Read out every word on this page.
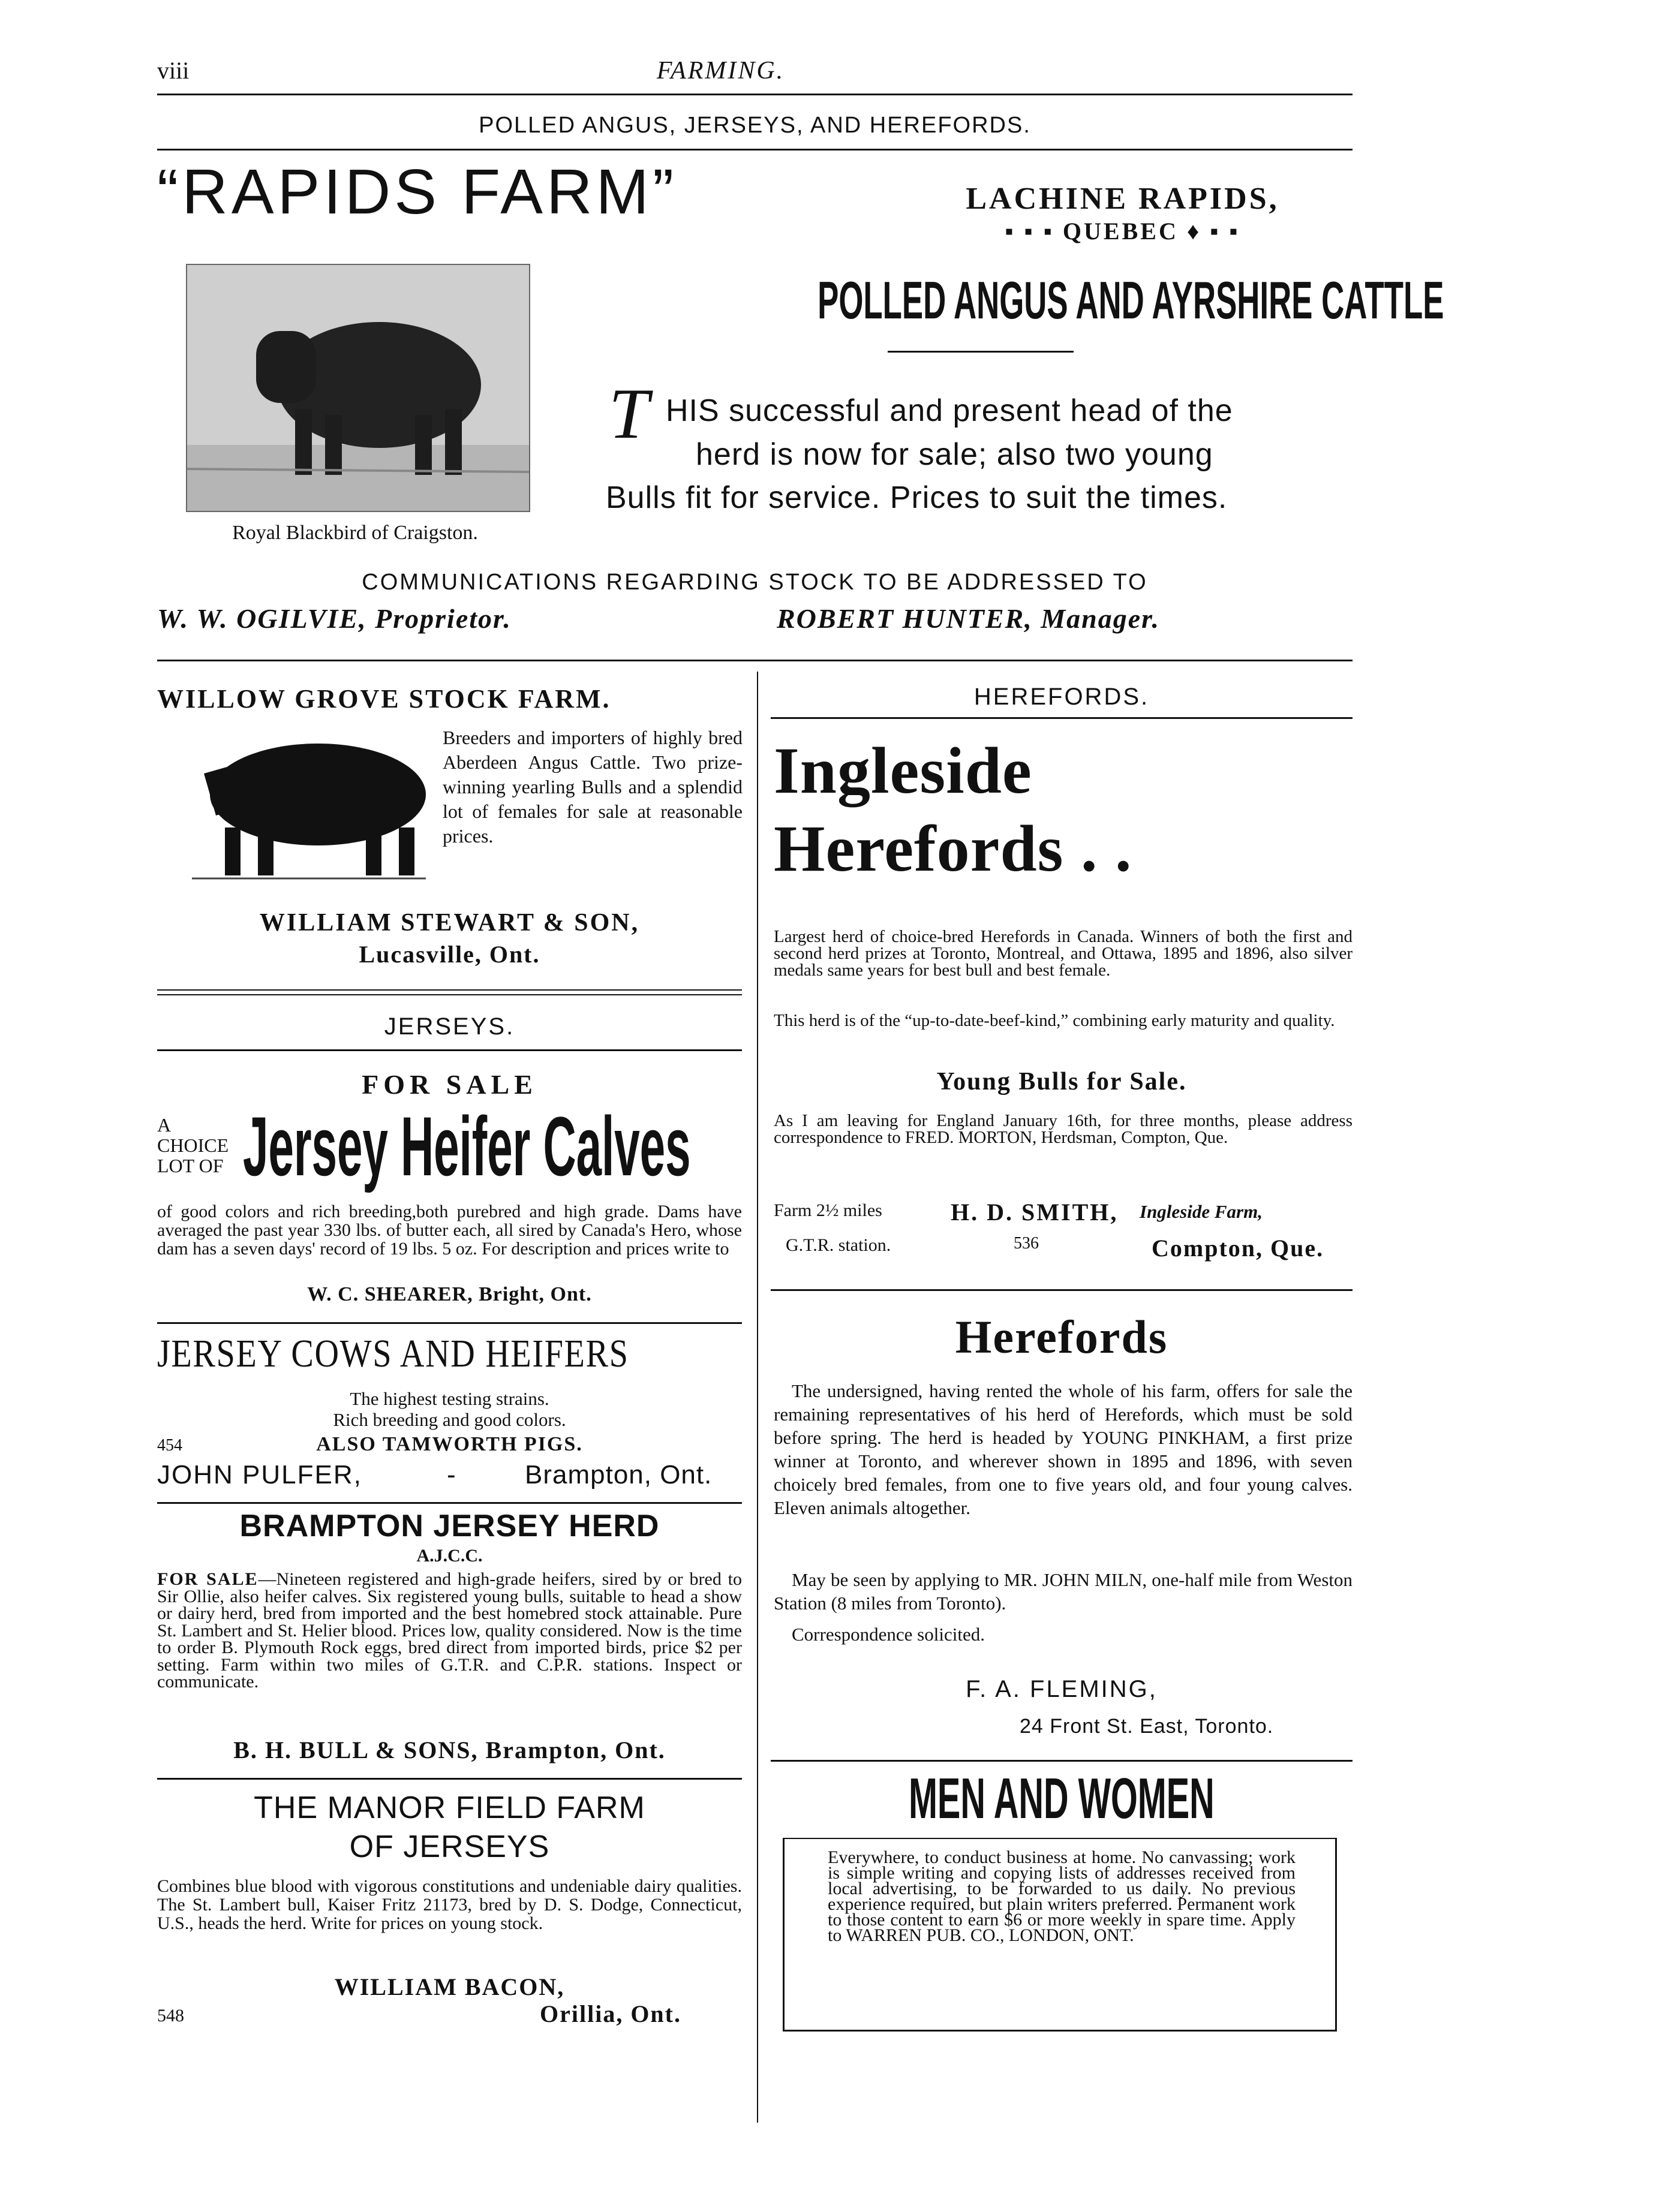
viii	FARMING.
POLLED ANGUS, JERSEYS, AND HEREFORDS.
“RAPIDS FARM”	LACHINE RAPIDS,
▪ ▪ ▪ QUEBEC ♦ ▪ ▪
Royal Blackbird of Craigston.
POLLED ANGUS AND AYRSHIRE CATTLE
T HIS successful and present head of the
herd is now for sale; also two young
Bulls fit for service. Prices to suit the times.
COMMUNICATIONS REGARDING STOCK TO BE ADDRESSED TO
W. W. OGILVIE, Proprietor.	ROBERT HUNTER, Manager.
WILLOW GROVE STOCK FARM.
Breeders and importers of highly bred Aberdeen Angus Cattle. Two prize-winning yearling Bulls and a splendid lot of females for sale at reasonable prices.
WILLIAM STEWART & SON,
Lucasville, Ont.
JERSEYS.
FOR SALE
A
CHOICE
LOT OF Jersey Heifer Calves
of good colors and rich breeding,both purebred and high grade. Dams have averaged the past year 330 lbs. of butter each, all sired by Canada's Hero, whose dam has a seven days' record of 19 lbs. 5 oz. For description and prices write to
W. C. SHEARER, Bright, Ont.
JERSEY COWS AND HEIFERS
The highest testing strains.
Rich breeding and good colors.
454	ALSO TAMWORTH PIGS.
JOHN PULFER,	-	Brampton, Ont.
BRAMPTON JERSEY HERD
A.J.C.C.
FOR SALE—Nineteen registered and high-grade heifers, sired by or bred to Sir Ollie, also heifer calves. Six registered young bulls, suitable to head a show or dairy herd, bred from imported and the best homebred stock attainable. Pure St. Lambert and St. Helier blood. Prices low, quality considered. Now is the time to order B. Plymouth Rock eggs, bred direct from imported birds, price $2 per setting. Farm within two miles of G.T.R. and C.P.R. stations. Inspect or communicate.
B. H. BULL & SONS, Brampton, Ont.
THE MANOR FIELD FARM
OF JERSEYS
Combines blue blood with vigorous constitutions and undeniable dairy qualities. The St. Lambert bull, Kaiser Fritz 21173, bred by D. S. Dodge, Connecticut, U.S., heads the herd. Write for prices on young stock.
WILLIAM BACON,
548	Orillia, Ont.
HEREFORDS.
Ingleside
Herefords . .
Largest herd of choice-bred Herefords in Canada. Winners of both the first and second herd prizes at Toronto, Montreal, and Ottawa, 1895 and 1896, also silver medals same years for best bull and best female.
This herd is of the “up-to-date-beef-kind,” combining early maturity and quality.
Young Bulls for Sale.
As I am leaving for England January 16th, for three months, please address correspondence to FRED. MORTON, Herdsman, Compton, Que.
Farm 2½ miles
G.T.R. station.
H. D. SMITH, Ingleside Farm,
536	Compton, Que.
Herefords
The undersigned, having rented the whole of his farm, offers for sale the remaining representatives of his herd of Herefords, which must be sold before spring. The herd is headed by YOUNG PINKHAM, a first prize winner at Toronto, and wherever shown in 1895 and 1896, with seven choicely bred females, from one to five years old, and four young calves. Eleven animals altogether.
May be seen by applying to MR. JOHN MILN, one-half mile from Weston Station (8 miles from Toronto).
Correspondence solicited.
F. A. FLEMING,
24 Front St. East, Toronto.
MEN AND WOMEN
Everywhere, to conduct business at home. No canvassing; work is simple writing and copying lists of addresses received from local advertising, to be forwarded to us daily. No previous experience required, but plain writers preferred. Permanent work to those content to earn $6 or more weekly in spare time. Apply to WARREN PUB. CO., LONDON, ONT.
